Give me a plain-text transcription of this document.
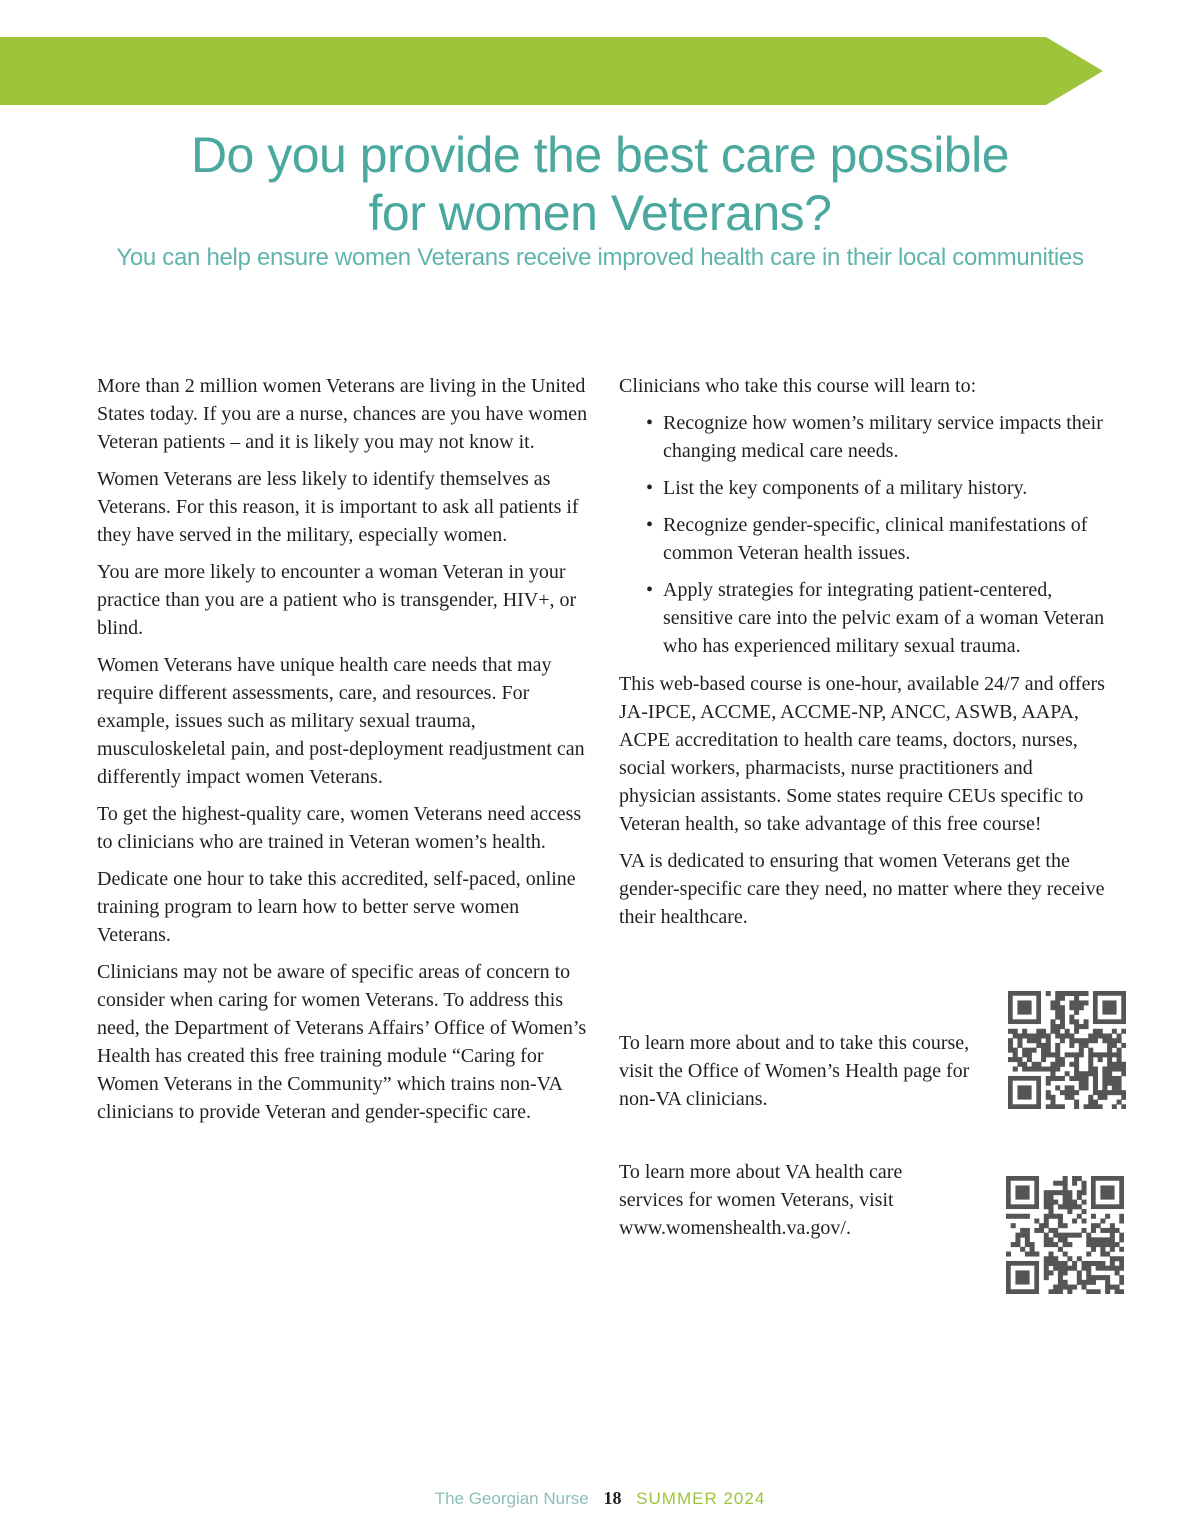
Do you provide the best care possible
for women Veterans?

You can help ensure women Veterans receive improved health care in their local communities

More than 2 million women Veterans are living in the United States today. If you are a nurse, chances are you have women Veteran patients – and it is likely you may not know it.

Women Veterans are less likely to identify themselves as Veterans. For this reason, it is important to ask all patients if they have served in the military, especially women.

You are more likely to encounter a woman Veteran in your practice than you are a patient who is transgender, HIV+, or blind.

Women Veterans have unique health care needs that may require different assessments, care, and resources. For example, issues such as military sexual trauma, musculoskeletal pain, and post-deployment readjustment can differently impact women Veterans.

To get the highest-quality care, women Veterans need access to clinicians who are trained in Veteran women’s health.

Dedicate one hour to take this accredited, self-paced, online training program to learn how to better serve women Veterans.

Clinicians may not be aware of specific areas of concern to consider when caring for women Veterans. To address this need, the Department of Veterans Affairs’ Office of Women’s Health has created this free training module “Caring for Women Veterans in the Community” which trains non-VA clinicians to provide Veteran and gender-specific care.

Clinicians who take this course will learn to:

• Recognize how women’s military service impacts their changing medical care needs.
• List the key components of a military history.
• Recognize gender-specific, clinical manifestations of common Veteran health issues.
• Apply strategies for integrating patient-centered, sensitive care into the pelvic exam of a woman Veteran who has experienced military sexual trauma.

This web-based course is one-hour, available 24/7 and offers JA-IPCE, ACCME, ACCME-NP, ANCC, ASWB, AAPA, ACPE accreditation to health care teams, doctors, nurses, social workers, pharmacists, nurse practitioners and physician assistants. Some states require CEUs specific to Veteran health, so take advantage of this free course!

VA is dedicated to ensuring that women Veterans get the gender-specific care they need, no matter where they receive their healthcare.

To learn more about and to take this course, visit the Office of Women’s Health page for non-VA clinicians.

To learn more about VA health care services for women Veterans, visit www.womenshealth.va.gov/.

The Georgian Nurse 18 SUMMER 2024
